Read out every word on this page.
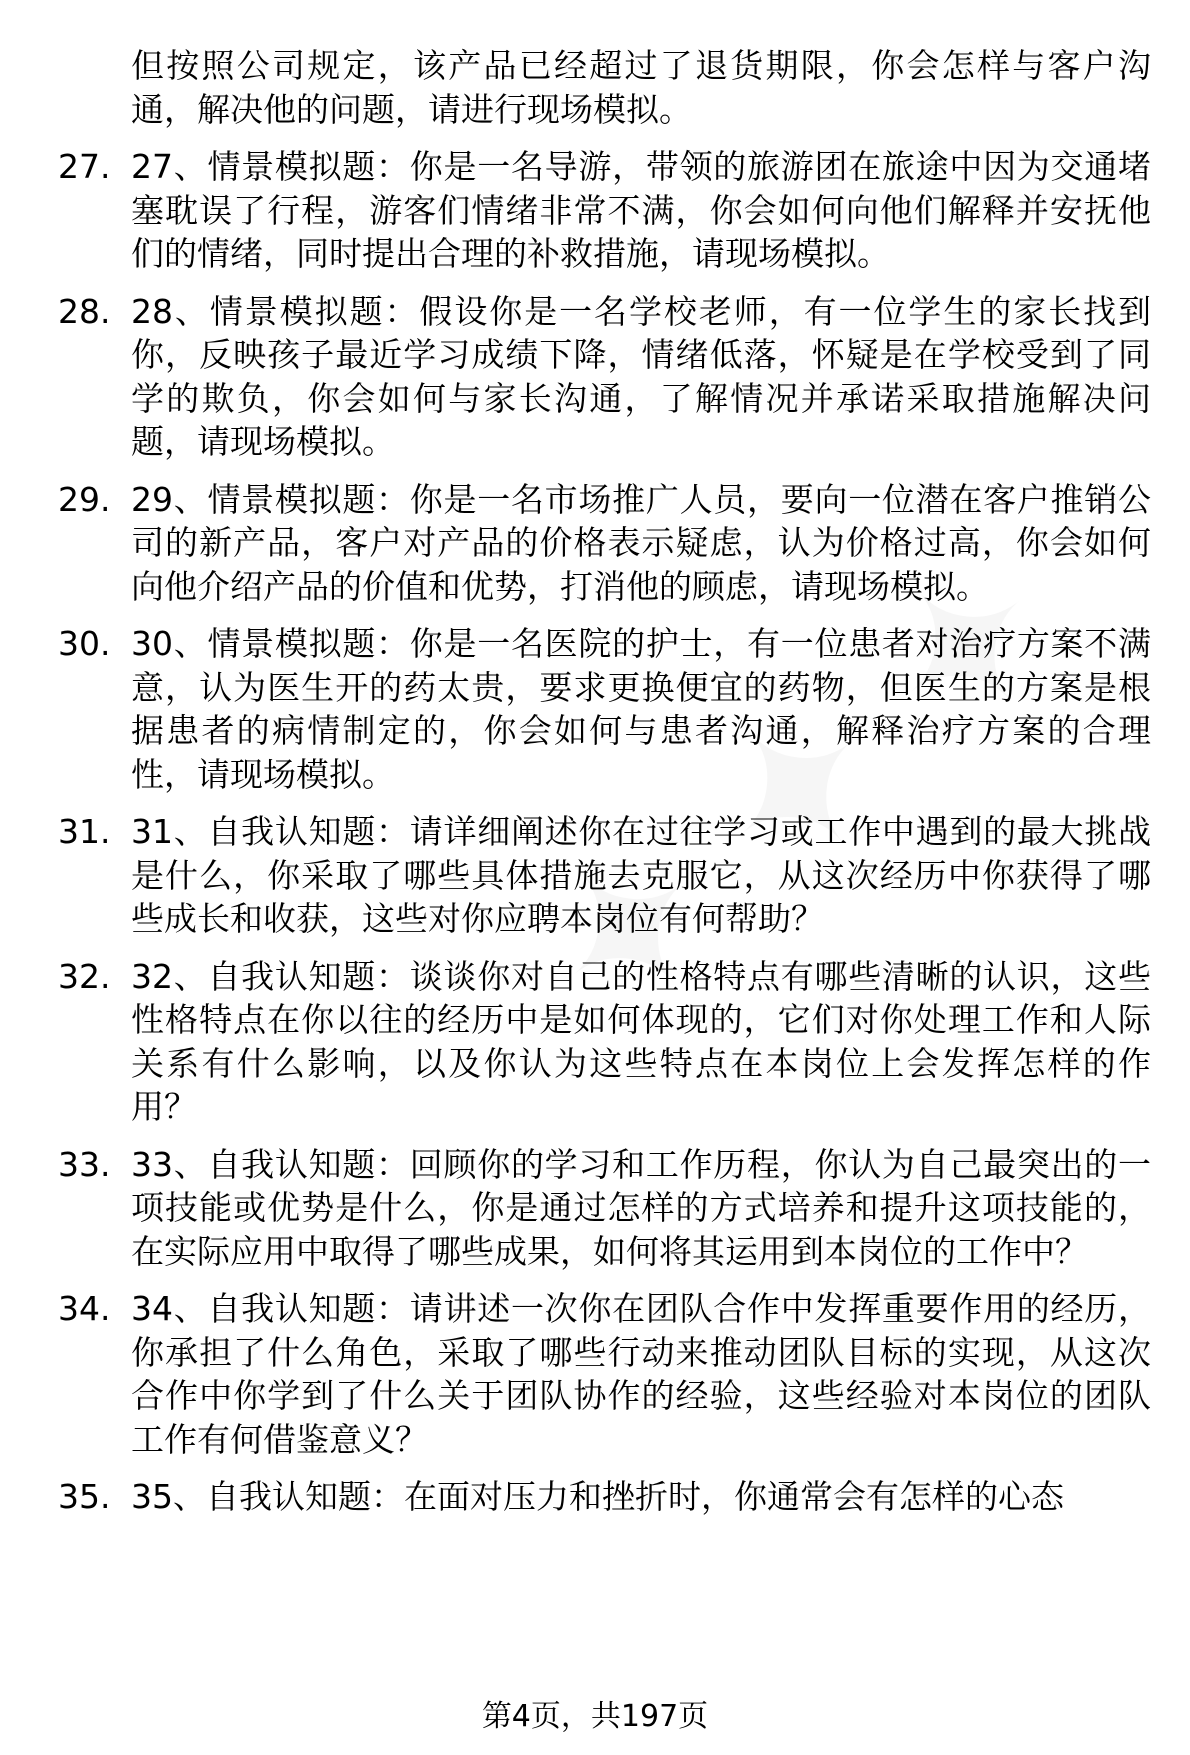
但按照公司规定，该产品已经超过了退货期限，你会怎样与客户沟通，解决他的问题，请进行现场模拟。
27. 27、情景模拟题：你是一名导游，带领的旅游团在旅途中因为交通堵塞耽误了行程，游客们情绪非常不满，你会如何向他们解释并安抚他们的情绪，同时提出合理的补救措施，请现场模拟。
28. 28、情景模拟题：假设你是一名学校老师，有一位学生的家长找到你，反映孩子最近学习成绩下降，情绪低落，怀疑是在学校受到了同学的欺负，你会如何与家长沟通，了解情况并承诺采取措施解决问题，请现场模拟。
29. 29、情景模拟题：你是一名市场推广人员，要向一位潜在客户推销公司的新产品，客户对产品的价格表示疑虑，认为价格过高，你会如何向他介绍产品的价值和优势，打消他的顾虑，请现场模拟。
30. 30、情景模拟题：你是一名医院的护士，有一位患者对治疗方案不满意，认为医生开的药太贵，要求更换便宜的药物，但医生的方案是根据患者的病情制定的，你会如何与患者沟通，解释治疗方案的合理性，请现场模拟。
31. 31、自我认知题：请详细阐述你在过往学习或工作中遇到的最大挑战是什么，你采取了哪些具体措施去克服它，从这次经历中你获得了哪些成长和收获，这些对你应聘本岗位有何帮助？
32. 32、自我认知题：谈谈你对自己的性格特点有哪些清晰的认识，这些性格特点在你以往的经历中是如何体现的，它们对你处理工作和人际关系有什么影响，以及你认为这些特点在本岗位上会发挥怎样的作用？
33. 33、自我认知题：回顾你的学习和工作历程，你认为自己最突出的一项技能或优势是什么，你是通过怎样的方式培养和提升这项技能的，在实际应用中取得了哪些成果，如何将其运用到本岗位的工作中？
34. 34、自我认知题：请讲述一次你在团队合作中发挥重要作用的经历，你承担了什么角色，采取了哪些行动来推动团队目标的实现，从这次合作中你学到了什么关于团队协作的经验，这些经验对本岗位的团队工作有何借鉴意义？
35. 35、自我认知题：在面对压力和挫折时，你通常会有怎样的心态
第4页，共197页
